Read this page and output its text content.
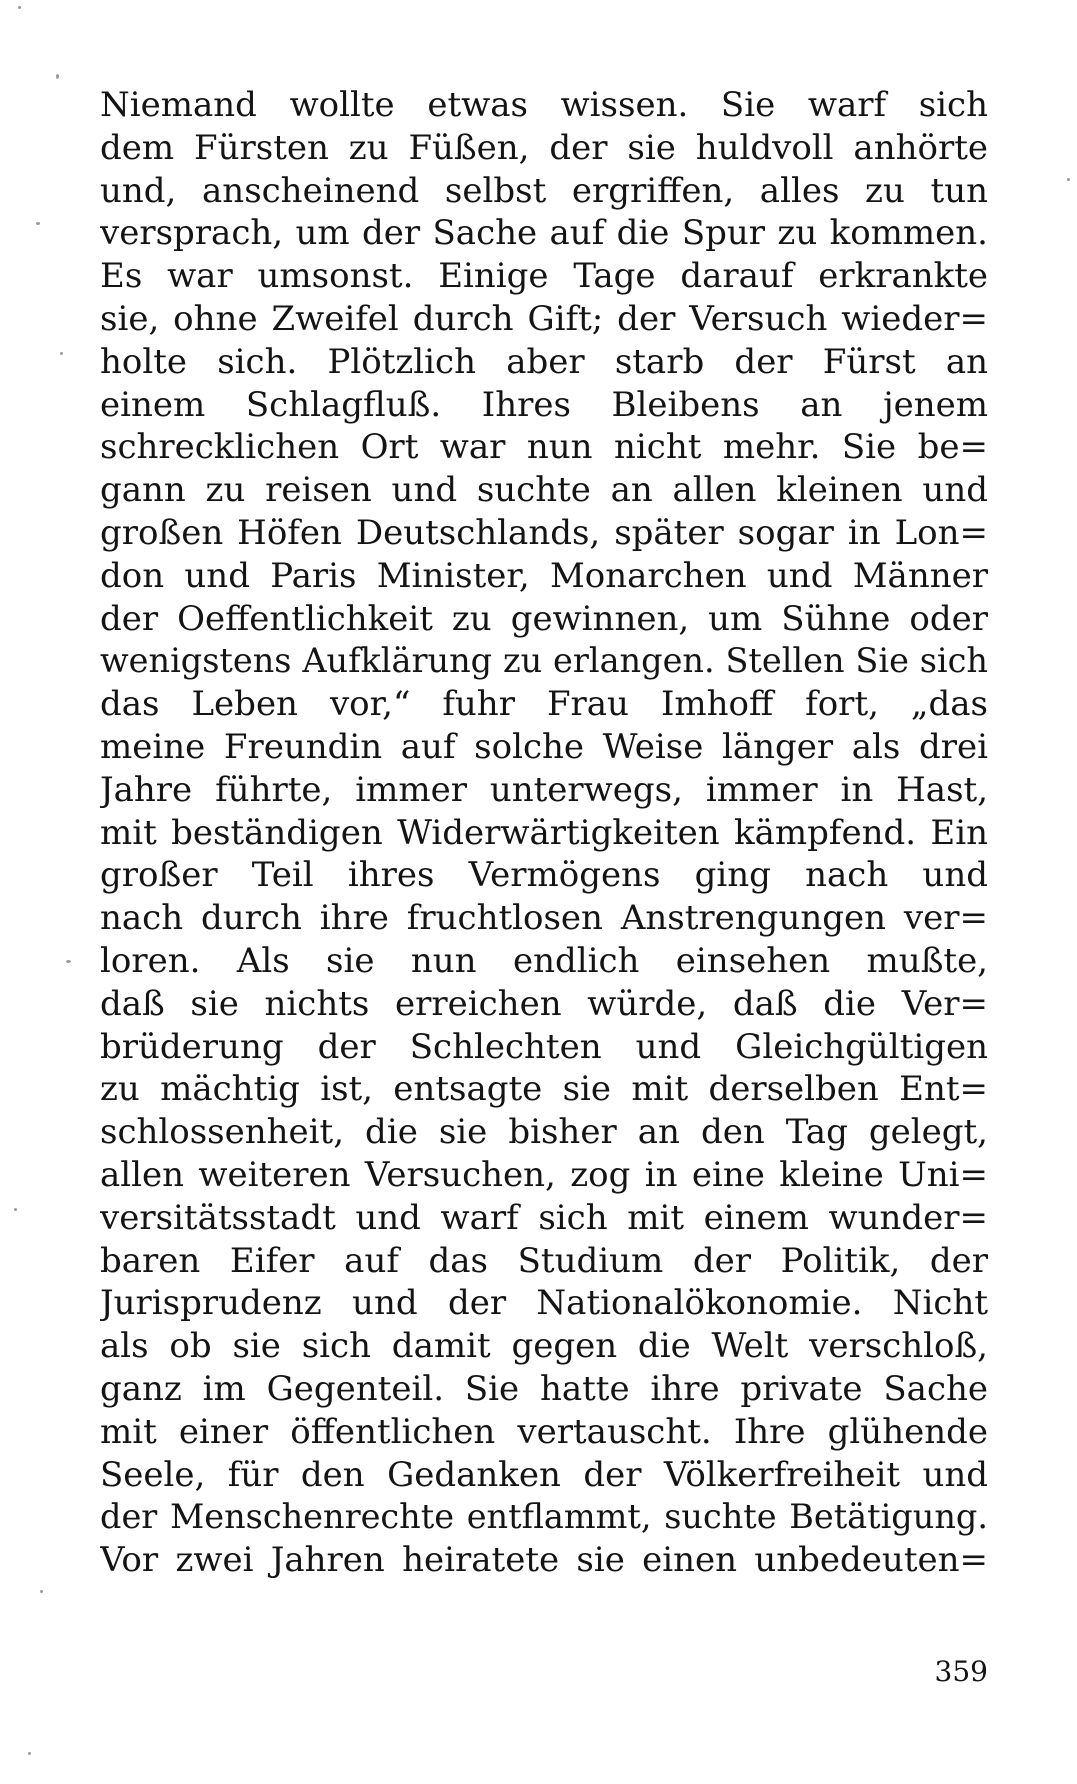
Niemand wollte etwas wissen. Sie warf sich
dem Fürsten zu Füßen, der sie huldvoll anhörte
und, anscheinend selbst ergriffen, alles zu tun
versprach, um der Sache auf die Spur zu kommen.
Es war umsonst. Einige Tage darauf erkrankte
sie, ohne Zweifel durch Gift; der Versuch wieder=
holte sich. Plötzlich aber starb der Fürst an
einem Schlagfluß. Ihres Bleibens an jenem
schrecklichen Ort war nun nicht mehr. Sie be=
gann zu reisen und suchte an allen kleinen und
großen Höfen Deutschlands, später sogar in Lon=
don und Paris Minister, Monarchen und Männer
der Oeffentlichkeit zu gewinnen, um Sühne oder
wenigstens Aufklärung zu erlangen. Stellen Sie sich
das Leben vor,“ fuhr Frau Imhoff fort, „das
meine Freundin auf solche Weise länger als drei
Jahre führte, immer unterwegs, immer in Hast,
mit beständigen Widerwärtigkeiten kämpfend. Ein
großer Teil ihres Vermögens ging nach und
nach durch ihre fruchtlosen Anstrengungen ver=
loren. Als sie nun endlich einsehen mußte,
daß sie nichts erreichen würde, daß die Ver=
brüderung der Schlechten und Gleichgültigen
zu mächtig ist, entsagte sie mit derselben Ent=
schlossenheit, die sie bisher an den Tag gelegt,
allen weiteren Versuchen, zog in eine kleine Uni=
versitätsstadt und warf sich mit einem wunder=
baren Eifer auf das Studium der Politik, der
Jurisprudenz und der Nationalökonomie. Nicht
als ob sie sich damit gegen die Welt verschloß,
ganz im Gegenteil. Sie hatte ihre private Sache
mit einer öffentlichen vertauscht. Ihre glühende
Seele, für den Gedanken der Völkerfreiheit und
der Menschenrechte entflammt, suchte Betätigung.
Vor zwei Jahren heiratete sie einen unbedeuten=
359
